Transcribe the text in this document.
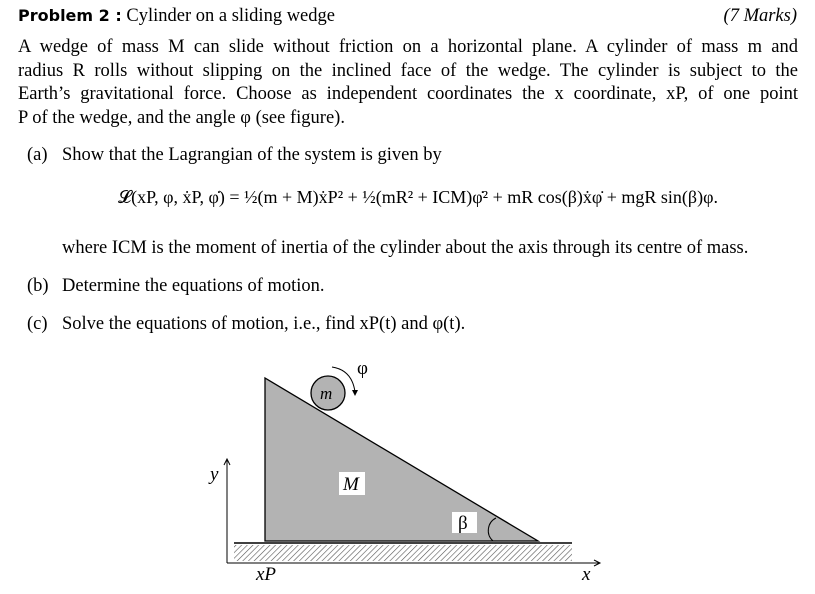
Problem 2 : Cylinder on a sliding wedge	(7 Marks)
A wedge of mass M can slide without friction on a horizontal plane. A cylinder of mass m and
radius R rolls without slipping on the inclined face of the wedge. The cylinder is subject to the
Earth’s gravitational force. Choose as independent coordinates the x coordinate, xP, of one point
P of the wedge, and the angle φ (see figure).
(a) Show that the Lagrangian of the system is given by
𝓛(xP, φ, ẋP, φ̇) = ½(m + M)ẋP² + ½(mR² + ICM)φ̇² + mR cos(β)ẋφ̇ + mgR sin(β)φ.
where ICM is the moment of inertia of the cylinder about the axis through its centre of mass.
(b) Determine the equations of motion.
(c) Solve the equations of motion, i.e., find xP(t) and φ(t).
φ
m
M
β
y
x
xP
